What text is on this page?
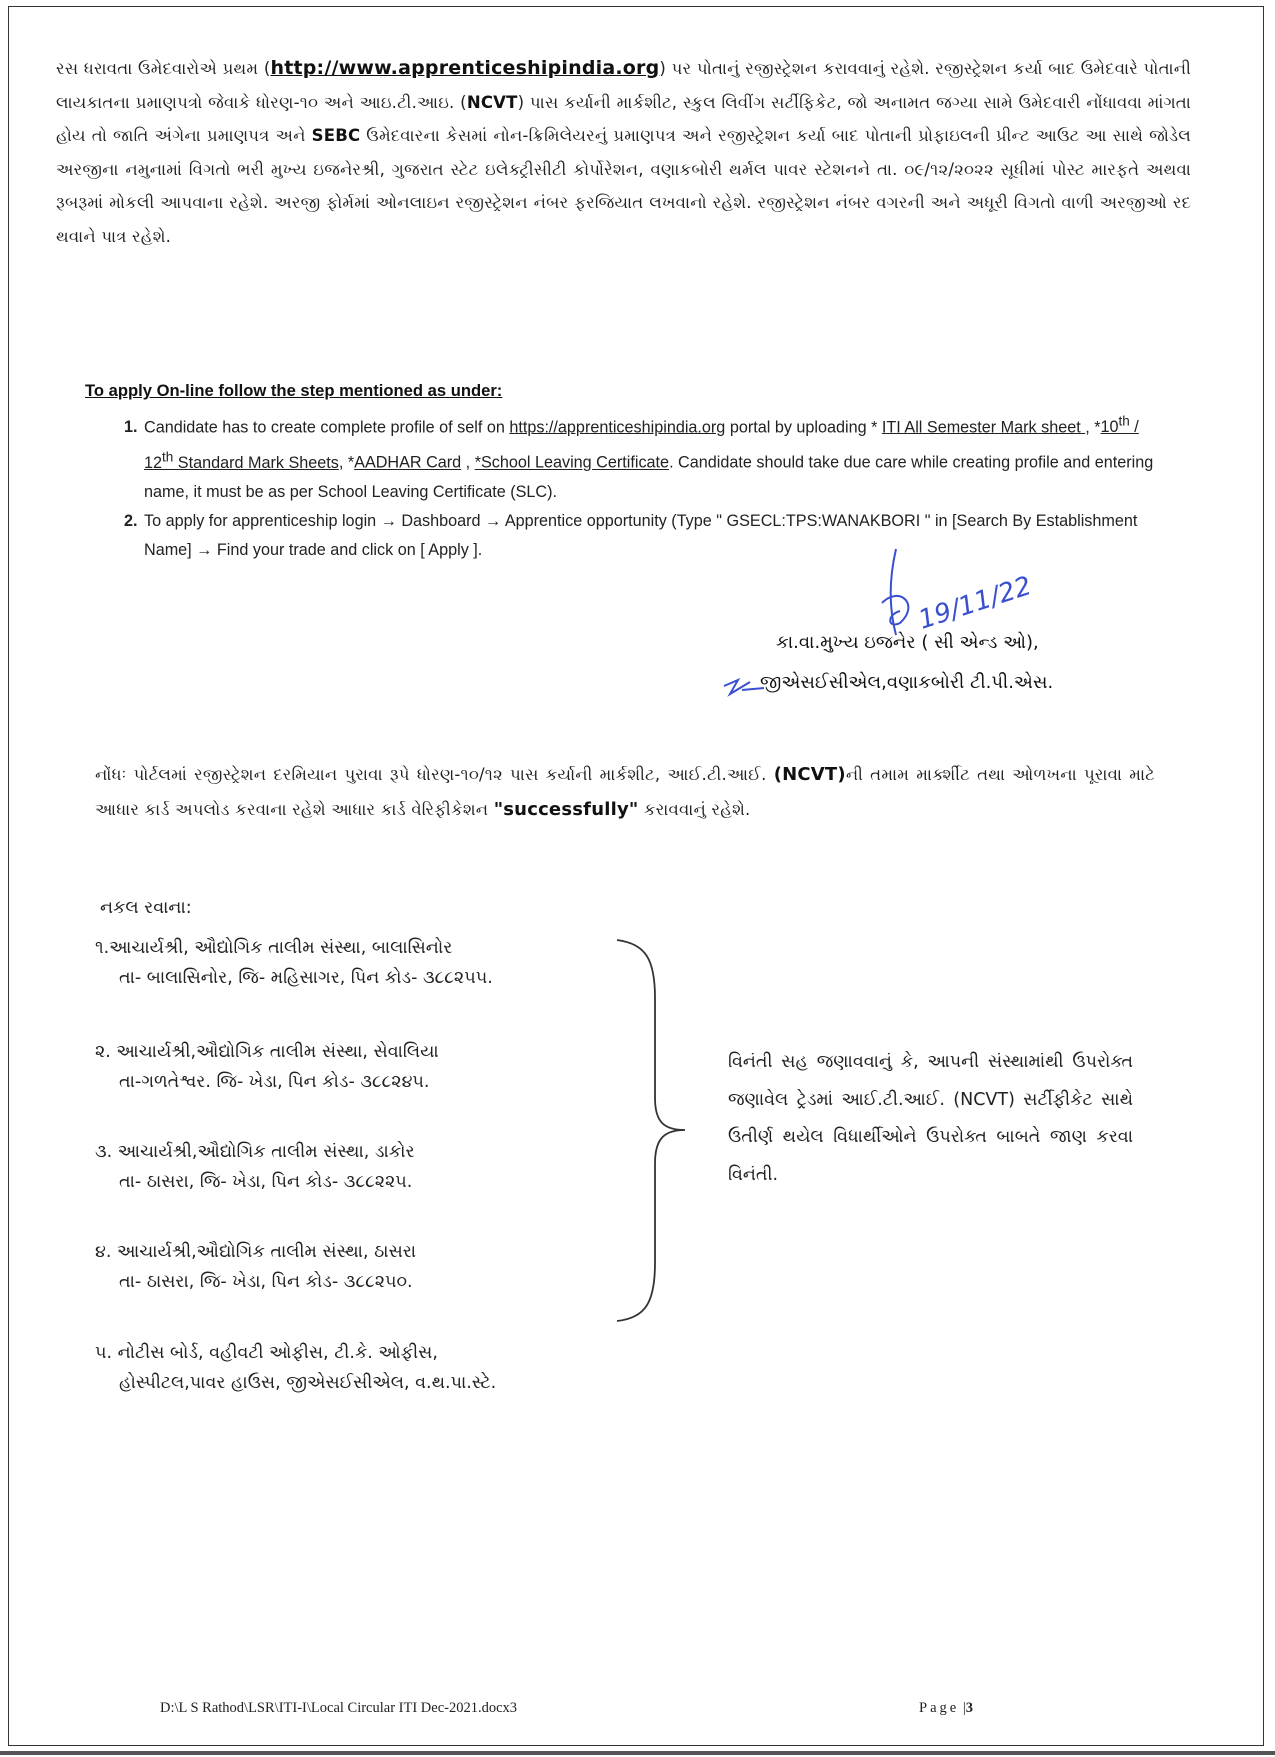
રસ ધરાવતા ઉમેદવારોએ પ્રથમ (http://www.apprenticeshipindia.org) પર પોતાનું રજીસ્ટ્રેશન કરાવવાનું રહેશે. રજીસ્ટ્રેશન કર્યા બાદ ઉમેદવારે પોતાની લાયકાતના પ્રમાણપત્રો જેવાકે ધોરણ-૧૦ અને આઇ.ટી.આઇ. (NCVT) પાસ કર્યાની માર્કશીટ, સ્કુલ લિવીંગ સર્ટીફિકેટ, જો અનામત જગ્યા સામે ઉમેદવારી નોંધાવવા માંગતા હોય તો જાતિ અંગેના પ્રમાણપત્ર અને SEBC ઉમેદવારના કેસમાં નોન-ક્રિમિલેયરનું પ્રમાણપત્ર અને રજીસ્ટ્રેશન કર્યા બાદ પોતાની પ્રોફાઇલની પ્રીન્ટ આઉટ આ સાથે જોડેલ અરજીના નમુનામાં વિગતો ભરી મુખ્ય ઇજનેરશ્રી, ગુજરાત સ્ટેટ ઇલેક્ટ્રીસીટી કોર્પોરેશન, વણાકબોરી થર્મલ પાવર સ્ટેશનને તા. ૦૯/૧૨/૨૦૨૨ સૂધીમાં પોસ્ટ મારફતે અથવા રૂબરૂમાં મોકલી આપવાના રહેશે. અરજી ફોર્મમાં ઓનલાઇન રજીસ્ટ્રેશન નંબર ફરજિયાત લખવાનો રહેશે. રજીસ્ટ્રેશન નંબર વગરની અને અધૂરી વિગતો વાળી અરજીઓ રદ થવાને પાત્ર રહેશે.

To apply On-line follow the step mentioned as under:
1. Candidate has to create complete profile of self on https://apprenticeshipindia.org portal by uploading * ITI All Semester Mark sheet , *10th / 12th Standard Mark Sheets, *AADHAR Card , *School Leaving Certificate. Candidate should take due care while creating profile and entering name, it must be as per School Leaving Certificate (SLC).
2. To apply for apprenticeship login → Dashboard → Apprentice opportunity (Type " GSECL:TPS:WANAKBORI " in [Search By Establishment Name] → Find your trade and click on [ Apply ].
19/11/22
કા.વા.મુખ્ય ઇજનેર ( સી એન્ડ ઓ),
જીએસઈસીએલ,વણાકબોરી ટી.પી.એસ.

નોંધઃ પોર્ટલમાં રજીસ્ટ્રેશન દરમિયાન પુરાવા રૂપે ધોરણ-૧૦/૧૨ પાસ કર્યાની માર્કશીટ, આઈ.ટી.આઈ. (NCVT)ની તમામ માર્ક્શીટ તથા ઓળખના પૂરાવા માટે આધાર કાર્ડ અપલોડ કરવાના રહેશે આધાર કાર્ડ વેરિફીકેશન "successfully" કરાવવાનું રહેશે.

નકલ રવાના:
૧.આચાર્યશ્રી, ઔદ્યોગિક તાલીમ સંસ્થા, બાલાસિનોર
તા- બાલાસિનોર, જિ- મહિસાગર, પિન કોડ- ૩૮૮૨૫૫.
૨. આચાર્યશ્રી,ઔદ્યોગિક તાલીમ સંસ્થા, સેવાલિયા
તા-ગળતેશ્વર. જિ- ખેડા, પિન કોડ- ૩૮૮૨૪૫.
૩. આચાર્યશ્રી,ઔદ્યોગિક તાલીમ સંસ્થા, ડાકોર
તા- ઠાસરા, જિ- ખેડા, પિન કોડ- ૩૮૮૨૨૫.
૪. આચાર્યશ્રી,ઔદ્યોગિક તાલીમ સંસ્થા, ઠાસરા
તા- ઠાસરા, જિ- ખેડા, પિન કોડ- ૩૮૮૨૫૦.
૫. નોટીસ બોર્ડ, વહીવટી ઓફીસ, ટી.કે. ઓફીસ,
હોસ્પીટલ,પાવર હાઉસ, જીએસઈસીએલ, વ.થ.પા.સ્ટે.
વિનંતી સહ જણાવવાનું કે, આપની સંસ્થામાંથી ઉપરોક્ત જણાવેલ ટ્રેડમાં આઈ.ટી.આઈ. (NCVT) સર્ટીફીકેટ સાથે ઉતીર્ણ થયેલ વિધાર્થીઓને ઉપરોક્ત બાબતે જાણ કરવા વિનંતી.
D:\L S Rathod\LSR\ITI-I\Local Circular ITI Dec-2021.docx3	Page |3
